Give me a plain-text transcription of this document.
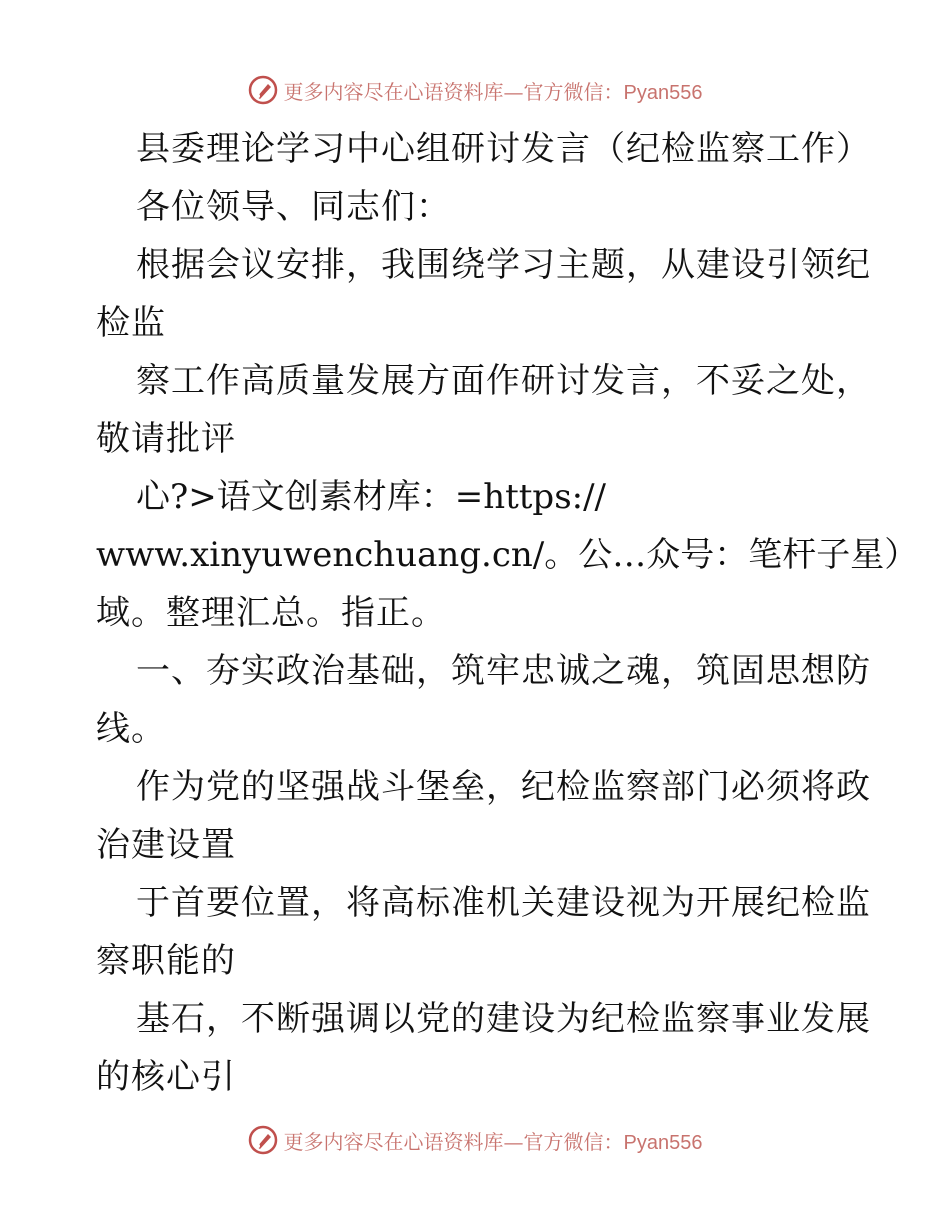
更多内容尽在心语资料库—官方微信：Pyan556
县委理论学习中心组研讨发言（纪检监察工作）
各位领导、同志们：
根据会议安排，我围绕学习主题，从建设引领纪
检监
察工作高质量发展方面作研讨发言，不妥之处，
敬请批评
心?>语文创素材库：=https://
www.xinyuwenchuang.cn/。公…众号：笔杆子星）
域。整理汇总。指正。
一、夯实政治基础，筑牢忠诚之魂，筑固思想防
线。
作为党的坚强战斗堡垒，纪检监察部门必须将政
治建设置
于首要位置，将高标准机关建设视为开展纪检监
察职能的
基石，不断强调以党的建设为纪检监察事业发展
的核心引
更多内容尽在心语资料库—官方微信：Pyan556
